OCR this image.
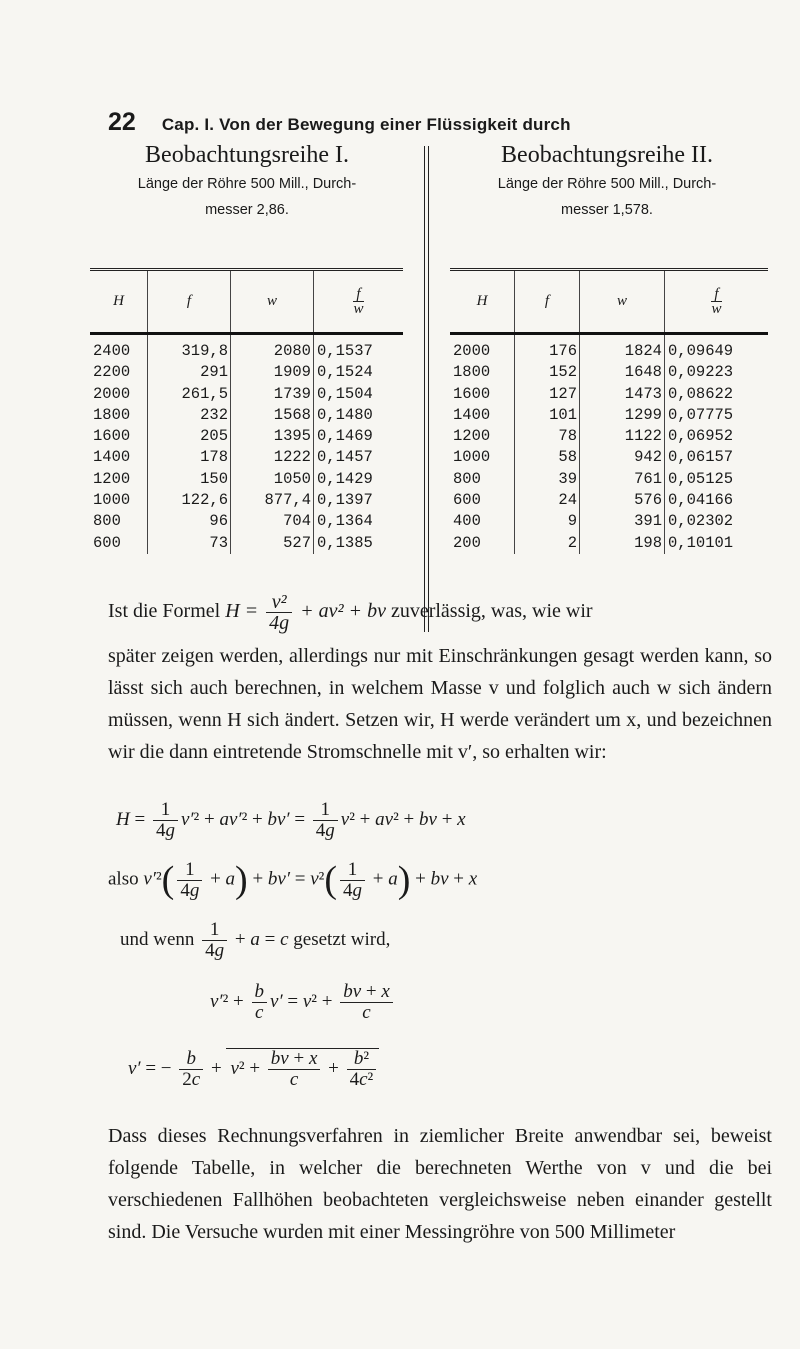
22 Cap. I. Von der Bewegung einer Flüssigkeit durch
Beobachtungsreihe I.
Länge der Röhre 500 Mill., Durch-
messer 2,86.
Beobachtungsreihe II.
Länge der Röhre 500 Mill., Durch-
messer 1,578.
H	f	w	$\frac{f}{w}$

2400	319,8	2080	0,1537
2200	291	1909	0,1524
2000	261,5	1739	0,1504
1800	232	1568	0,1480
1600	205	1395	0,1469
1400	178	1222	0,1457
1200	150	1050	0,1429
1000	122,6	877,4	0,1397
800	96	704	0,1364
600	73	527	0,1385
H	f	w	$\frac{f}{w}$

2000	176	1824	0,09649
1800	152	1648	0,09223
1600	127	1473	0,08622
1400	101	1299	0,07775
1200	78	1122	0,06952
1000	58	942	0,06157
800	39	761	0,05125
600	24	576	0,04166
400	9	391	0,02302
200	2	198	0,10101
Ist die Formel $H = \frac{\text{v²}}{4g} + av^2$ + bv zuverlässig, was, wie wir
später zeigen werden, allerdings nur mit Einschränkungen gesagt werden kann, so lässt sich auch berechnen, in welchem Masse v und folglich auch w sich ändern müssen, wenn H sich ändert. Setzen wir, H werde verändert um x, und bezeichnen wir die dann eintretende Stromschnelle mit v′, so erhalten wir:
$H = \frac{1}{4g} v'^2 + av'^2 + bv' = \frac{1}{4g} v^2 + av^2$ + bv + x
also $v'^2( \frac{1}{4g} + a) + bv' = v^2( \frac{1}{4g} + a)$ + bv + x
und wenn $\frac{1}{4g} + a = c$ gesetzt wird,
$v'^2 + \frac{b}{c} v' = v^2 + \frac{bv + x}{c}$
v′ = − $\frac{b}{2c} + v^2 + \frac{bv + x}{c} + \frac{\text{b²}}{\text{4c²}}$
Dass dieses Rechnungsverfahren in ziemlicher Breite anwendbar sei, beweist folgende Tabelle, in welcher die berechneten Werthe von v und die bei verschiedenen Fallhöhen beobachteten vergleichsweise neben einander gestellt sind. Die Versuche wurden mit einer Messingröhre von 500 Millimeter
